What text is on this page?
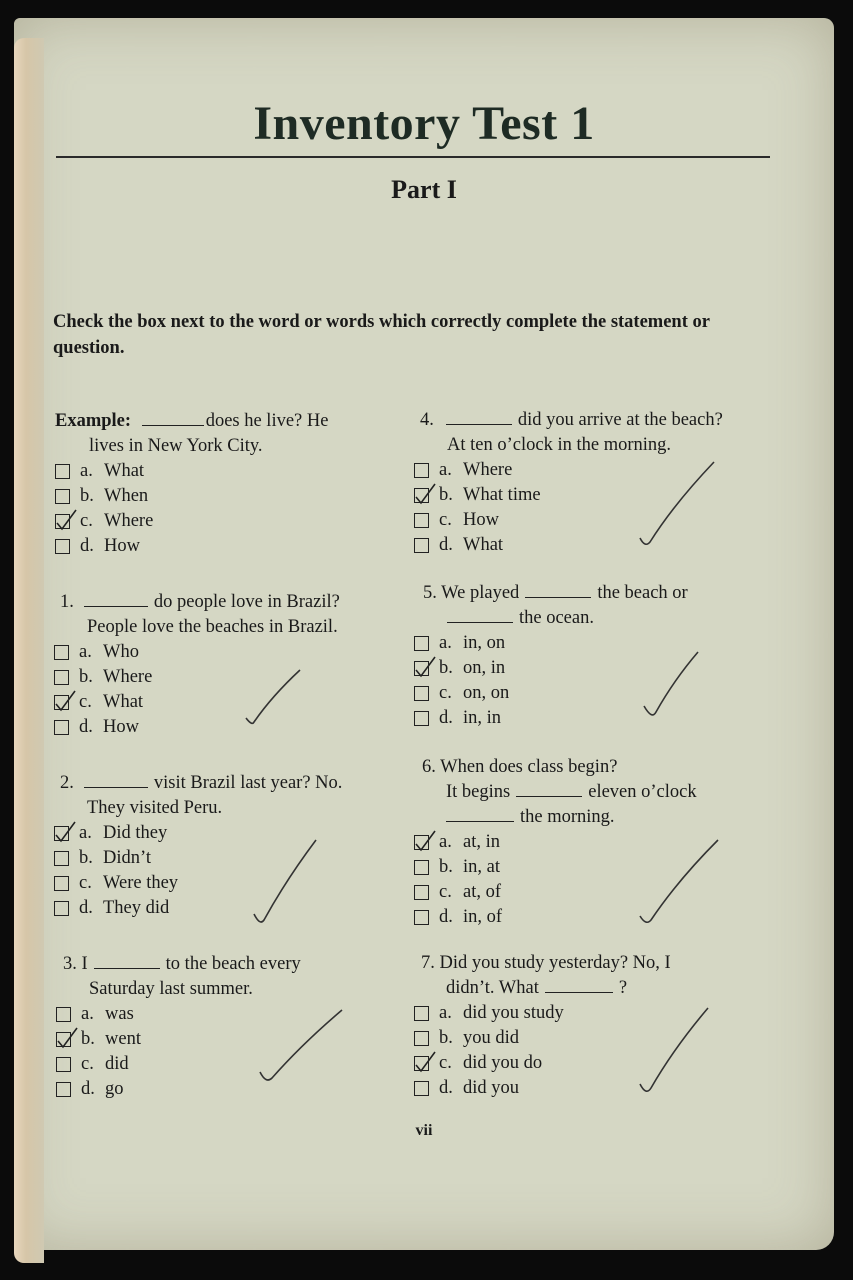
Inventory Test 1
Part I
Check the box next to the word or words which correctly complete the statement or question.
Example:	does he live? He
lives in New York City.
a. What
b. When
c. Where
d. How
1.	do people love in Brazil?
People love the beaches in Brazil.
a. Who
b. Where
c. What
d. How
2.	visit Brazil last year? No.
They visited Peru.
a. Did they
b. Didn’t
c. Were they
d. They did
3. I	to the beach every
Saturday last summer.
a. was
b. went
c. did
d. go
4.	did you arrive at the beach?
At ten o’clock in the morning.
a. Where
b. What time
c. How
d. What
5. We played	the beach or
the ocean.
a. in, on
b. on, in
c. on, on
d. in, in
6. When does class begin?
It begins	eleven o’clock
the morning.
a. at, in
b. in, at
c. at, of
d. in, of
7. Did you study yesterday? No, I
didn’t. What	?
a. did you study
b. you did
c. did you do
d. did you
vii
